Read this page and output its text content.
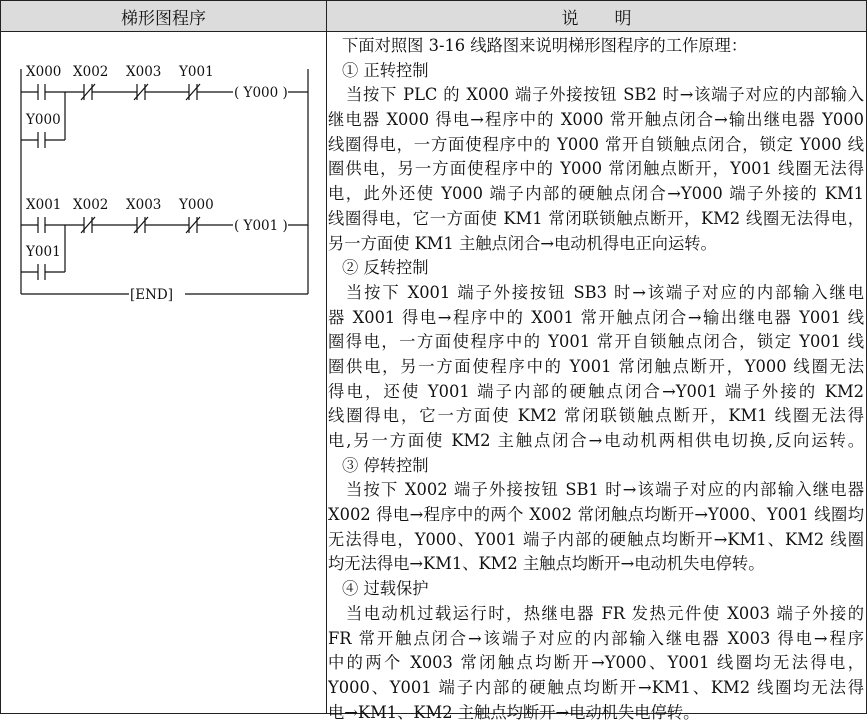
梯形图程序	说明
X000 X002 X003 Y001
( Y000 )
Y000
X001 X002 X003 Y000
( Y001 )
Y001
[END]
下面对照图 3-16 线路图来说明梯形图程序的工作原理：
① 正转控制
当按下 PLC 的 X000 端子外接按钮 SB2 时→该端子对应的内部输入
继电器 X000 得电→程序中的 X000 常开触点闭合→输出继电器 Y000
线圈得电，一方面使程序中的 Y000 常开自锁触点闭合，锁定 Y000 线
圈供电，另一方面使程序中的 Y000 常闭触点断开，Y001 线圈无法得
电，此外还使 Y000 端子内部的硬触点闭合→Y000 端子外接的 KM1
线圈得电，它一方面使 KM1 常闭联锁触点断开，KM2 线圈无法得电，
另一方面使 KM1 主触点闭合→电动机得电正向运转。
② 反转控制
当按下 X001 端子外接按钮 SB3 时→该端子对应的内部输入继电
器 X001 得电→程序中的 X001 常开触点闭合→输出继电器 Y001 线
圈得电，一方面使程序中的 Y001 常开自锁触点闭合，锁定 Y001 线
圈供电，另一方面使程序中的 Y001 常闭触点断开，Y000 线圈无法
得电，还使 Y001 端子内部的硬触点闭合→Y001 端子外接的 KM2
线圈得电，它一方面使 KM2 常闭联锁触点断开，KM1 线圈无法得
电,另一方面使 KM2 主触点闭合→电动机两相供电切换,反向运转。
③ 停转控制
当按下 X002 端子外接按钮 SB1 时→该端子对应的内部输入继电器
X002 得电→程序中的两个 X002 常闭触点均断开→Y000、Y001 线圈均
无法得电，Y000、Y001 端子内部的硬触点均断开→KM1、KM2 线圈
均无法得电→KM1、KM2 主触点均断开→电动机失电停转。
④ 过载保护
当电动机过载运行时，热继电器 FR 发热元件使 X003 端子外接的
FR 常开触点闭合→该端子对应的内部输入继电器 X003 得电→程序
中的两个 X003 常闭触点均断开→Y000、Y001 线圈均无法得电，
Y000、Y001 端子内部的硬触点均断开→KM1、KM2 线圈均无法得
电→KM1、KM2 主触点均断开→电动机失电停转。
